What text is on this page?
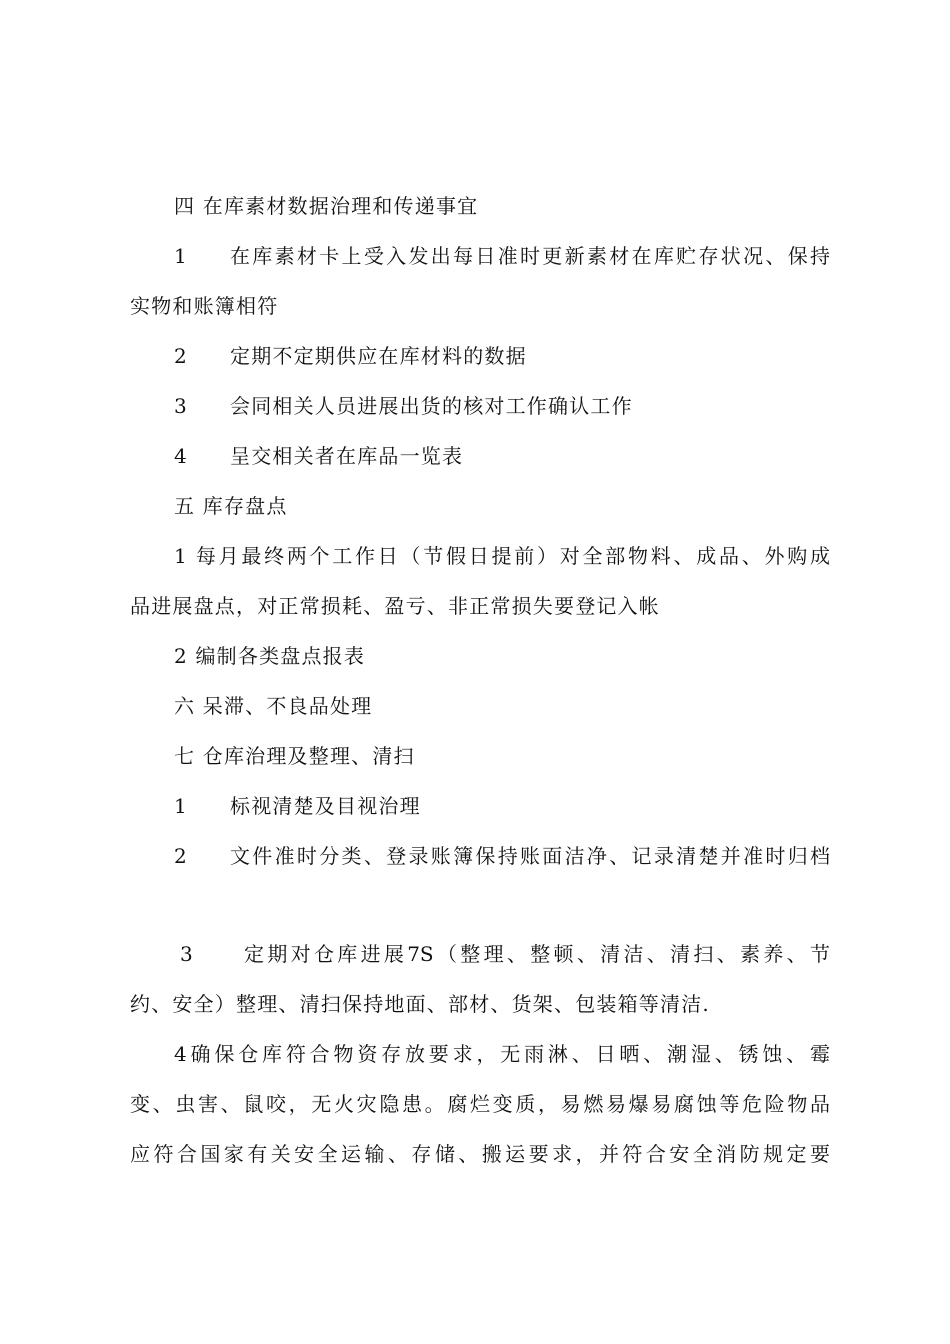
四 在库素材数据治理和传递事宜
1 在库素材卡上受入发出每日准时更新素材在库贮存状况、保持
实物和账簿相符
2 定期不定期供应在库材料的数据
3 会同相关人员进展出货的核对工作确认工作
4 呈交相关者在库品一览表
五 库存盘点
1 每月最终两个工作日（节假日提前）对全部物料、成品、外购成
品进展盘点，对正常损耗、盈亏、非正常损失要登记入帐
2 编制各类盘点报表
六 呆滞、不良品处理
七 仓库治理及整理、清扫
1 标视清楚及目视治理
2 文件准时分类、登录账簿保持账面洁净、记录清楚并准时归档
3	定期对仓库进展7S（整理、整顿、清洁、清扫、素养、节
约、安全）整理、清扫保持地面、部材、货架、包装箱等清洁.
4确保仓库符合物资存放要求，无雨淋、日晒、潮湿、锈蚀、霉
变、虫害、鼠咬，无火灾隐患。腐烂变质，易燃易爆易腐蚀等危险物品
应符合国家有关安全运输、存储、搬运要求，并符合安全消防规定要
